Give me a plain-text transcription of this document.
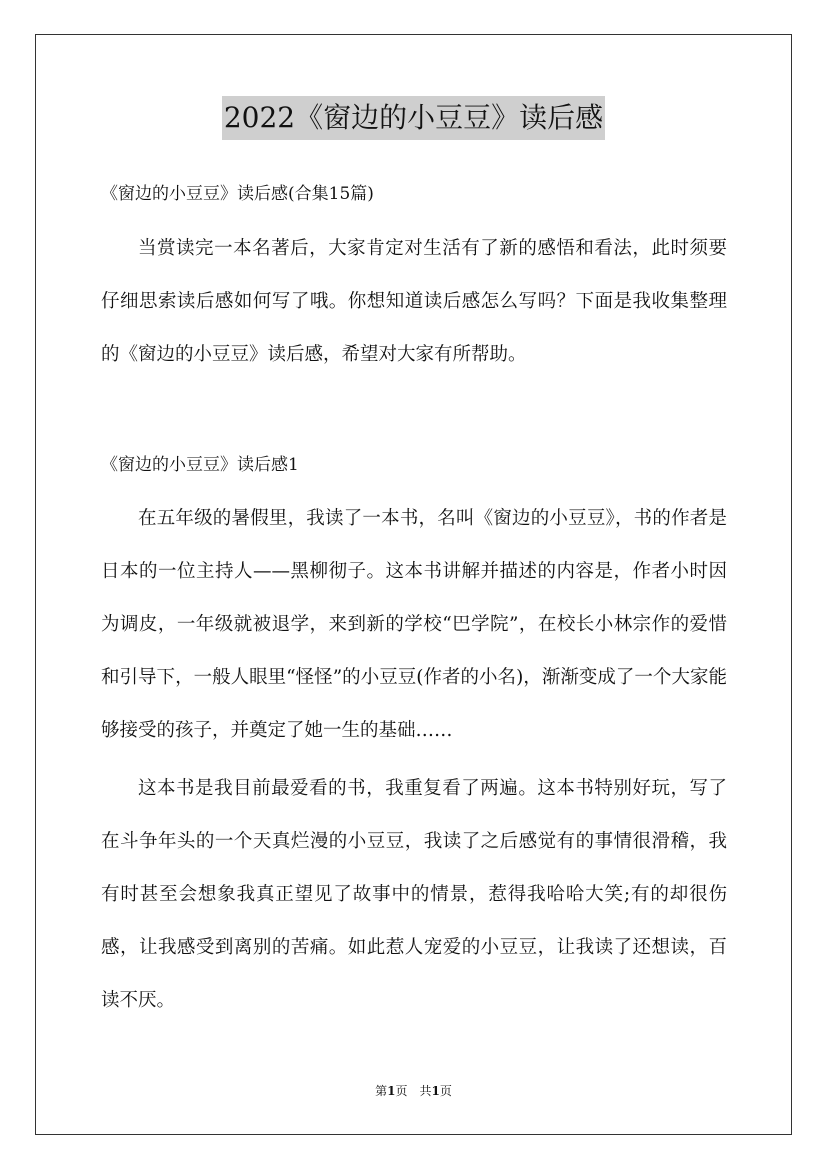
2022《窗边的小豆豆》读后感
《窗边的小豆豆》读后感(合集15篇)

当赏读完一本名著后，大家肯定对生活有了新的感悟和看法，此时须要仔细思索读后感如何写了哦。你想知道读后感怎么写吗？下面是我收集整理的《窗边的小豆豆》读后感，希望对大家有所帮助。

《窗边的小豆豆》读后感1

在五年级的暑假里，我读了一本书，名叫《窗边的小豆豆》，书的作者是日本的一位主持人——黑柳彻子。这本书讲解并描述的内容是，作者小时因为调皮，一年级就被退学，来到新的学校“巴学院”，在校长小林宗作的爱惜和引导下，一般人眼里“怪怪”的小豆豆(作者的小名)，渐渐变成了一个大家能够接受的孩子，并奠定了她一生的基础……

这本书是我目前最爱看的书，我重复看了两遍。这本书特别好玩，写了在斗争年头的一个天真烂漫的小豆豆，我读了之后感觉有的事情很滑稽，我有时甚至会想象我真正望见了故事中的情景，惹得我哈哈大笑;有的却很伤感，让我感受到离别的苦痛。如此惹人宠爱的小豆豆，让我读了还想读，百读不厌。

第1页　共1页
